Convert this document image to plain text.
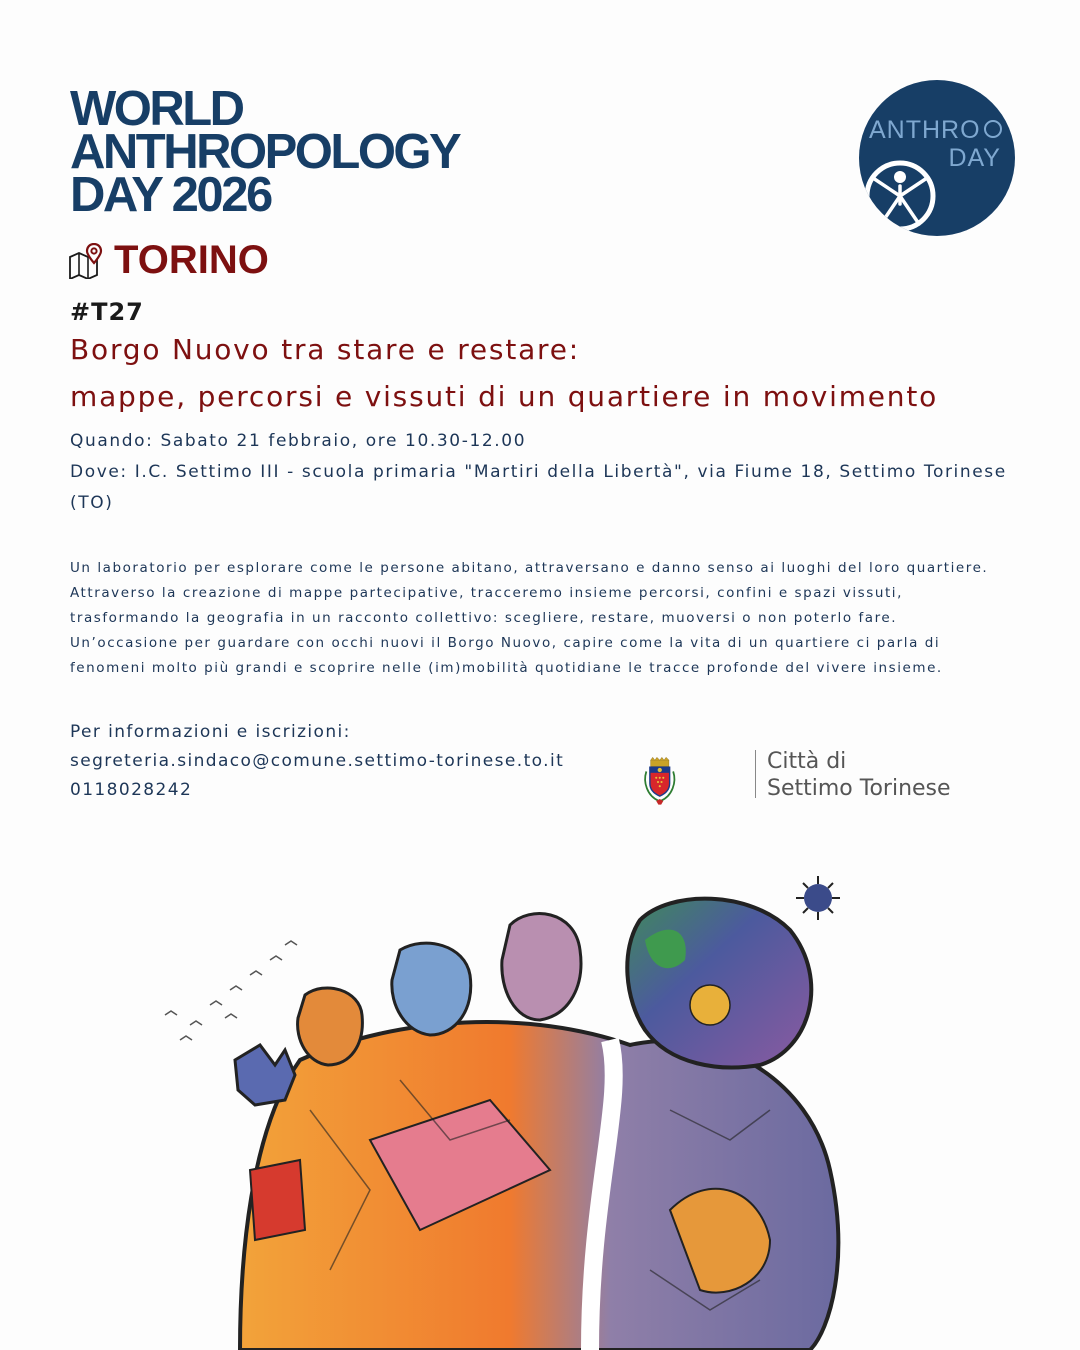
WORLD
ANTHROPOLOGY
DAY 2026
TORINO
ANTHRO
DAY
#T27
Borgo Nuovo tra stare e restare:
mappe, percorsi e vissuti di un quartiere in movimento
Quando: Sabato 21 febbraio, ore 10.30-12.00
Dove: I.C. Settimo III - scuola primaria "Martiri della Libertà", via Fiume 18, Settimo Torinese (TO)

Un laboratorio per esplorare come le persone abitano, attraversano e danno senso ai luoghi del loro quartiere. Attraverso la creazione di mappe partecipative, tracceremo insieme percorsi, confini e spazi vissuti, trasformando la geografia in un racconto collettivo: scegliere, restare, muoversi o non poterlo fare. Un’occasione per guardare con occhi nuovi il Borgo Nuovo, capire come la vita di un quartiere ci parla di fenomeni molto più grandi e scoprire nelle (im)mobilità quotidiane le tracce profonde del vivere insieme.

Per informazioni e iscrizioni:
segreteria.sindaco@comune.settimo-torinese.to.it
0118028242
Città di
Settimo Torinese
